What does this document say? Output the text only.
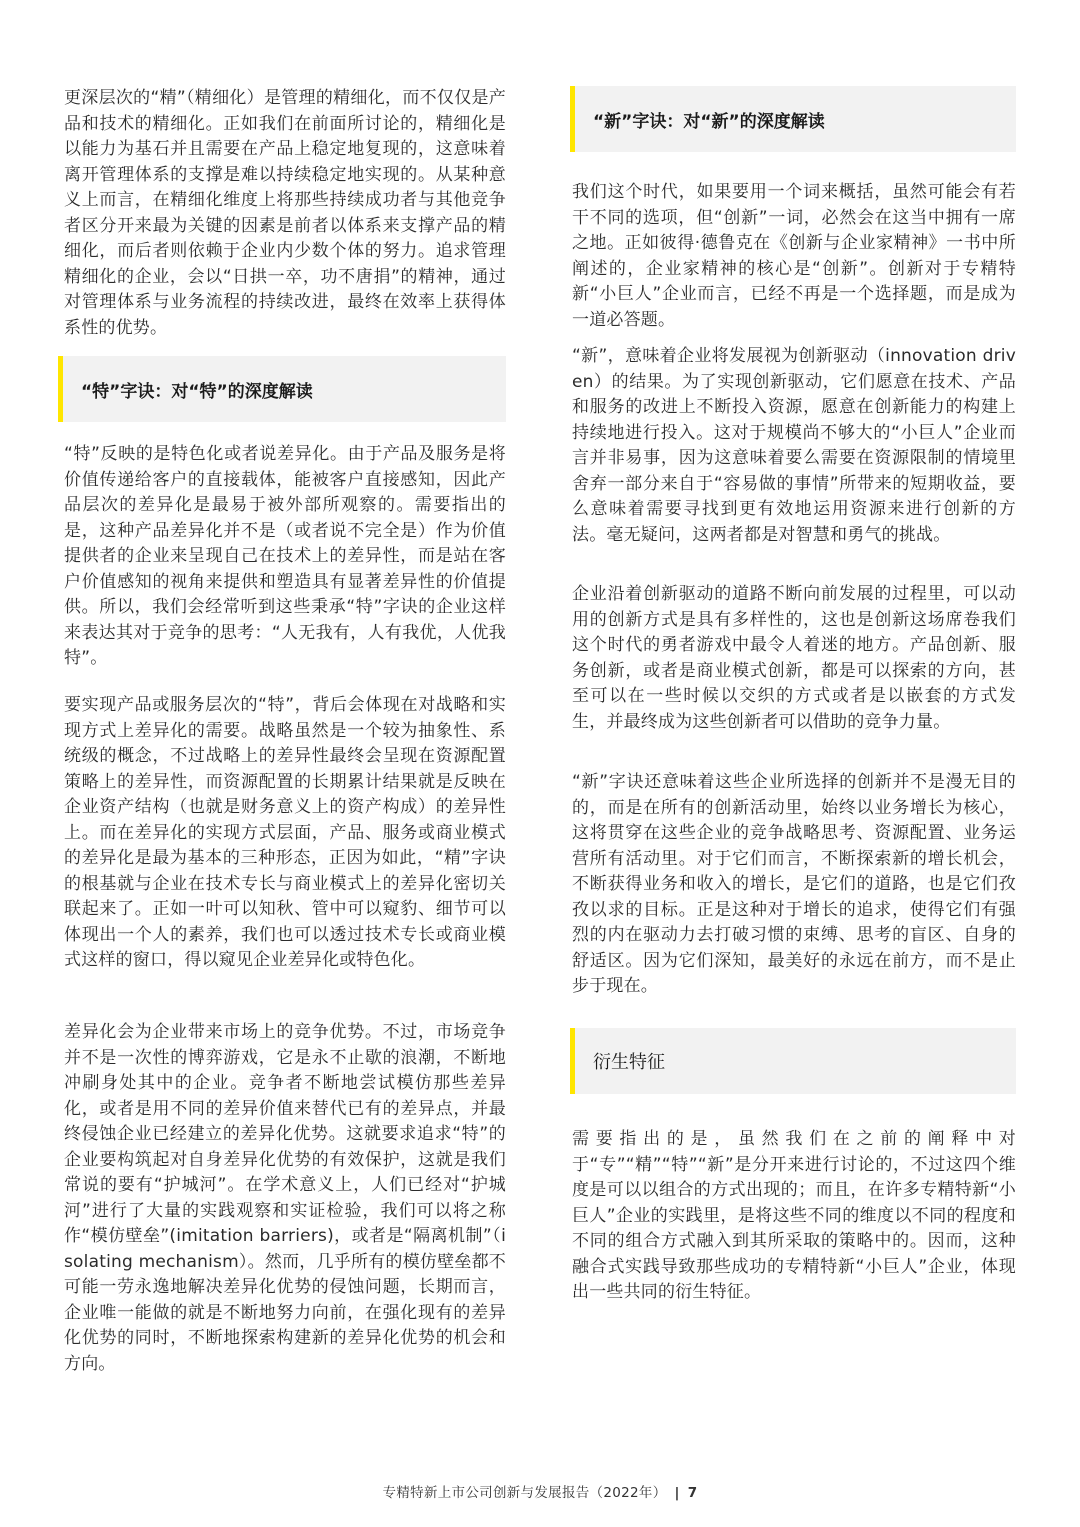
更深层次的“精”（精细化）是管理的精细化，而不仅仅是产品和技术的精细化。正如我们在前面所讨论的，精细化是以能力为基石并且需要在产品上稳定地复现的，这意味着离开管理体系的支撑是难以持续稳定地实现的。从某种意义上而言，在精细化维度上将那些持续成功者与其他竞争者区分开来最为关键的因素是前者以体系来支撑产品的精细化，而后者则依赖于企业内少数个体的努力。追求管理精细化的企业，会以“日拱一卒，功不唐捐”的精神，通过对管理体系与业务流程的持续改进，最终在效率上获得体系性的优势。

“特”字诀：对“特”的深度解读

“特”反映的是特色化或者说差异化。由于产品及服务是将价值传递给客户的直接载体，能被客户直接感知，因此产品层次的差异化是最易于被外部所观察的。需要指出的是，这种产品差异化并不是（或者说不完全是）作为价值提供者的企业来呈现自己在技术上的差异性，而是站在客户价值感知的视角来提供和塑造具有显著差异性的价值提供。所以，我们会经常听到这些秉承“特”字诀的企业这样来表达其对于竞争的思考：“人无我有，人有我优，人优我特”。

要实现产品或服务层次的“特”，背后会体现在对战略和实现方式上差异化的需要。战略虽然是一个较为抽象性、系统级的概念，不过战略上的差异性最终会呈现在资源配置策略上的差异性，而资源配置的长期累计结果就是反映在企业资产结构（也就是财务意义上的资产构成）的差异性上。而在差异化的实现方式层面，产品、服务或商业模式的差异化是最为基本的三种形态，正因为如此，“精”字诀的根基就与企业在技术专长与商业模式上的差异化密切关联起来了。正如一叶可以知秋、管中可以窥豹、细节可以体现出一个人的素养，我们也可以透过技术专长或商业模式这样的窗口，得以窥见企业差异化或特色化。

差异化会为企业带来市场上的竞争优势。不过，市场竞争并不是一次性的博弈游戏，它是永不止歇的浪潮，不断地冲刷身处其中的企业。竞争者不断地尝试模仿那些差异化，或者是用不同的差异价值来替代已有的差异点，并最终侵蚀企业已经建立的差异化优势。这就要求追求“特”的企业要构筑起对自身差异化优势的有效保护，这就是我们常说的要有“护城河”。在学术意义上，人们已经对“护城河”进行了大量的实践观察和实证检验，我们可以将之称作“模仿壁垒”(imitation barriers)，或者是“隔离机制”（isolating mechanism）。然而，几乎所有的模仿壁垒都不可能一劳永逸地解决差异化优势的侵蚀问题，长期而言，企业唯一能做的就是不断地努力向前，在强化现有的差异化优势的同时，不断地探索构建新的差异化优势的机会和方向。

“新”字诀：对“新”的深度解读

我们这个时代，如果要用一个词来概括，虽然可能会有若干不同的选项，但“创新”一词，必然会在这当中拥有一席之地。正如彼得·德鲁克在《创新与企业家精神》一书中所阐述的，企业家精神的核心是“创新”。创新对于专精特新“小巨人”企业而言，已经不再是一个选择题，而是成为一道必答题。

“新”，意味着企业将发展视为创新驱动（innovation driven）的结果。为了实现创新驱动，它们愿意在技术、产品和服务的改进上不断投入资源，愿意在创新能力的构建上持续地进行投入。这对于规模尚不够大的“小巨人”企业而言并非易事，因为这意味着要么需要在资源限制的情境里舍弃一部分来自于“容易做的事情”所带来的短期收益，要么意味着需要寻找到更有效地运用资源来进行创新的方法。毫无疑问，这两者都是对智慧和勇气的挑战。

企业沿着创新驱动的道路不断向前发展的过程里，可以动用的创新方式是具有多样性的，这也是创新这场席卷我们这个时代的勇者游戏中最令人着迷的地方。产品创新、服务创新，或者是商业模式创新，都是可以探索的方向，甚至可以在一些时候以交织的方式或者是以嵌套的方式发生，并最终成为这些创新者可以借助的竞争力量。

“新”字诀还意味着这些企业所选择的创新并不是漫无目的的，而是在所有的创新活动里，始终以业务增长为核心，这将贯穿在这些企业的竞争战略思考、资源配置、业务运营所有活动里。对于它们而言，不断探索新的增长机会，不断获得业务和收入的增长，是它们的道路，也是它们孜孜以求的目标。正是这种对于增长的追求，使得它们有强烈的内在驱动力去打破习惯的束缚、思考的盲区、自身的舒适区。因为它们深知，最美好的永远在前方，而不是止步于现在。

衍生特征

需要指出的是，虽然我们在之前的阐释中对于“专”“精”“特”“新”是分开来进行讨论的，不过这四个维度是可以以组合的方式出现的；而且，在许多专精特新“小巨人”企业的实践里，是将这些不同的维度以不同的程度和不同的组合方式融入到其所采取的策略中的。因而，这种融合式实践导致那些成功的专精特新“小巨人”企业，体现出一些共同的衍生特征。

专精特新上市公司创新与发展报告（2022年） | 7
